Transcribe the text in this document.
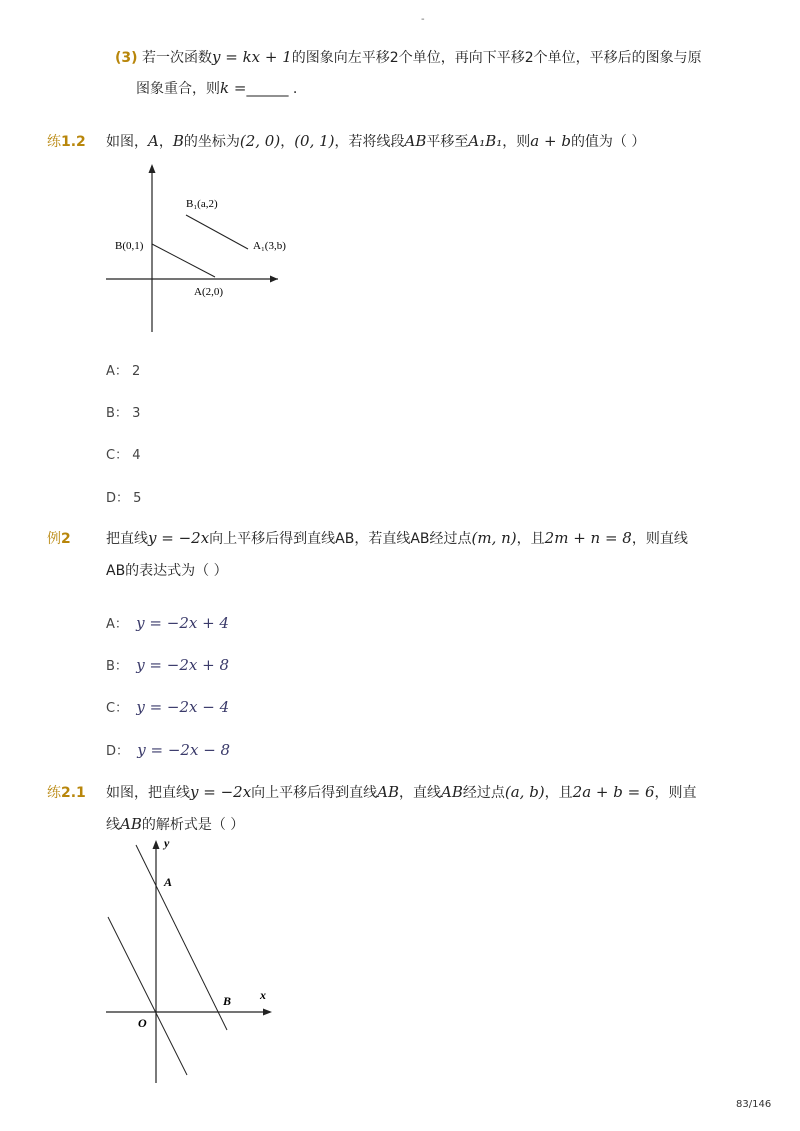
-
(3) 若一次函数y = kx + 1的图象向左平移2个单位，再向下平移2个单位，平移后的图象与原
图象重合，则k =______ .
练1.2 如图，A，B的坐标为(2, 0)，(0, 1)，若将线段AB平移至A₁B₁，则a + b的值为（ ）
B₁(a,2)
A₁(3,b)
B(0,1)
A(2,0)
A： 2
B： 3
C： 4
D： 5
例2	把直线y = −2x向上平移后得到直线AB，若直线AB经过点(m, n)，且2m + n = 8，则直线
AB的表达式为（ ）
A： y = −2x + 4
B： y = −2x + 8
C： y = −2x − 4
D： y = −2x − 8
练2.1 如图，把直线y = −2x向上平移后得到直线AB，直线AB经过点(a, b)，且2a + b = 6，则直
线AB的解析式是（ ）
y
x
A
B
O
83/146
